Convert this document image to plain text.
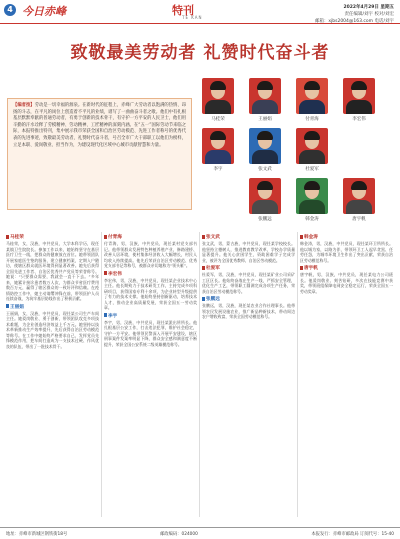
4 今日赤峰	特刊
TE KAN
2022年4月29日 星期五
责任编辑/刘宇 校对/刘宏
邮箱：xjbs2004@163.com 电话/刘宇
致敬最美劳动者 礼赞时代奋斗者

【编者按】劳动是一切幸福的源泉。在新时代的征程上，赤峰广大劳动者以饱满的热情、昂扬的斗志，在平凡的岗位上创造着不平凡的业绩，谱写了一曲曲奋斗者之歌。他们中有扎根基层默默奉献的普通劳动者，有勇于创新的技术骨干，有守护一方平安的人民卫士，他们用辛勤的汗水诠释了劳模精神、劳动精神、工匠精神的深刻内涵。在“五一”国际劳动节来临之际，本报特推出特刊，集中展示我市荣获全国和自治区劳动模范、先进工作者称号的优秀代表的先进事迹，致敬最美劳动者，礼赞时代奋斗者，号召全市广大干部职工以他们为榜样，立足本职、爱岗敬业、担当作为，为建设现代化区域中心城市贡献智慧和力量。

马桂荣	王丽娟	付青海	李宏伟
李宇	张文武	杜爱军
张鹏远	韩金涛	唐宇帆
马桂荣
马桂荣，女，汉族，中共党员，大学本科学历，现任某镇卫生院院长。参加工作以来，她始终坚守在基层医疗卫生一线，把群众的健康放在首位。她带领团队开展家庭医生签约服务，建立健康档案，定期入户随访，使辖区群众就医环境得到显著改善。她先后获得全国先进工作者、自治区优秀共产党员等荣誉称号。她说：“只要群众需要，我就会一直干下去。”多年来，她累计接诊患者数万人次，为群众节省医疗费用数百万元，赢得了辖区群众的一致好评和信赖。在疫情防控工作中，她主动请缨冲锋在前，带领医护人员连续奋战，为筑牢基层防线作出了积极贡献。
王丽娟
王丽娟，女，汉族，中共党员，现任某公司生产车间主任。她爱岗敬业、勇于创新，带领团队攻克多项技术难题，为企业创造经济效益上千万元。她坚持以技术革新推动生产效率提升，先后获得自治区劳动模范等称号。在工作中她始终严格要求自己，发挥党员先锋模范作用，把车间打造成为一支技术过硬、作风优良的队伍，带出了一批技术骨干。
付青海
付青海，男，汉族，中共党员，现任某村党支部书记。他带领群众发展特色种植养殖产业，修路建桥、改善人居环境，使村集体经济收入大幅增长，村民人均收入持续提高。他先后荣获自治区劳动模范、优秀党支部书记等称号，被群众亲切地称为“领头雁”。
李宏伟
李宏伟，男，汉族，中共党员，现任某企业技术中心主任。他长期致力于技术研发工作，主持完成多项科研项目，获得国家专利十余项，为企业转型升级提供了有力的技术支撑。他始终坚持创新驱动，培养技术人才，推动企业高质量发展，荣获全国五一劳动奖章。
李宇
李宇，男，汉族，中共党员，现任某派出所所长。他扎根基层公安工作，打击违法犯罪，维护社会稳定，守护一方平安。他带领民警深入开展平安建设，辖区刑事案件发案率明显下降，群众安全感和满意度不断提升，荣获全国公安系统二级英雄模范称号。
张文武
张文武，男，蒙古族，中共党员，现任某学校校长。他坚持立德树人，推进教育教学改革，学校办学质量显著提升。他关心贫困学生，资助困难学子完成学业，被评为全国优秀教师、自治区劳动模范。
杜爱军
杜爱军，男，汉族，中共党员，现任某矿业公司采矿工区区长。他始终奋战在生产一线，严抓安全管理，优化生产工艺，带领职工圆满完成各项生产任务，荣获自治区劳动模范称号。
张鹏远
张鹏远，男，汉族，现任某农业合作社理事长。他带领农民发展设施农业，推广新品种新技术，带动周边农户增收致富，荣获全国劳动模范称号。
韩金涛
韩金涛，男，汉族，中共党员，现任某环卫所所长。他以城为家，以路为伴，带领环卫工人起早贪黑、任劳任怨，为城市环境卫生作出了突出贡献，荣获自治区劳动模范称号。
唐宇帆
唐宇帆，男，汉族，中共党员，现任某电力公司班长。他爱岗敬业、刻苦钻研，多次在技能竞赛中获奖，带领班组保障电网安全稳定运行，荣获全国五一劳动奖章。
地址：赤峰市新城区钢铁街18号	邮政编码：024000	本报发行：赤峰市邮政局 订阅代号：15-40
